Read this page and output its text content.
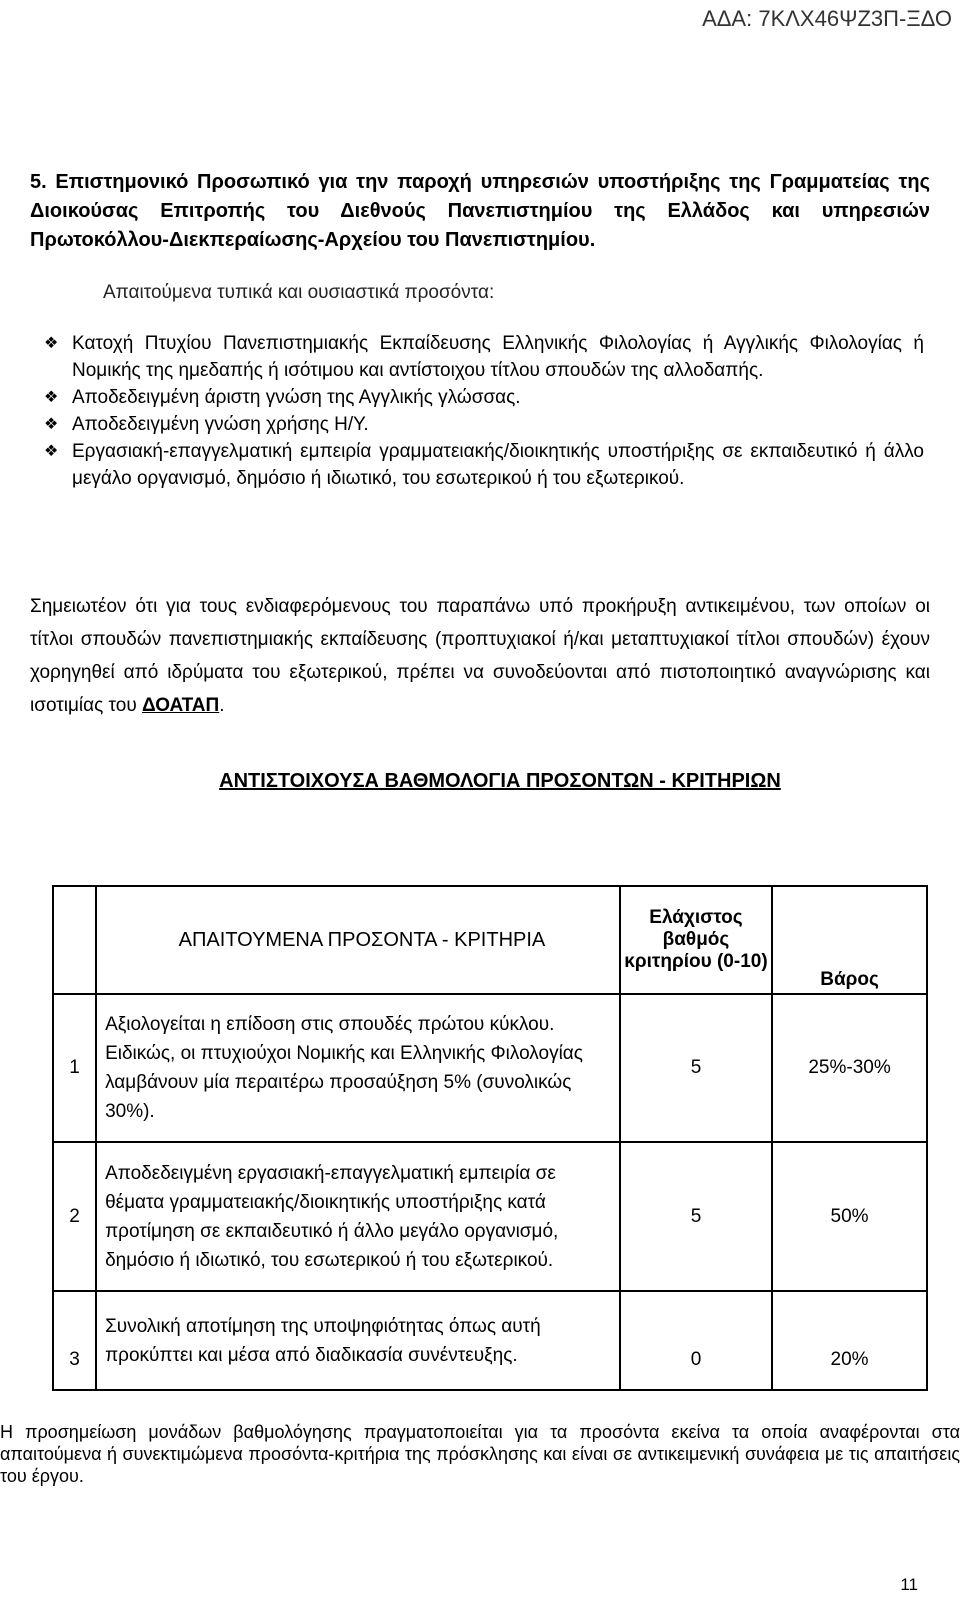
ΑΔΑ: 7ΚΛΧ46ΨΖ3Π-ΞΔΟ
5. Επιστημονικό Προσωπικό για την παροχή υπηρεσιών υποστήριξης της Γραμματείας της Διοικούσας Επιτροπής του Διεθνούς Πανεπιστημίου της Ελλάδος και υπηρεσιών Πρωτοκόλλου-Διεκπεραίωσης-Αρχείου του Πανεπιστημίου.
Απαιτούμενα τυπικά και ουσιαστικά προσόντα:
❖ Κατοχή Πτυχίου Πανεπιστημιακής Εκπαίδευσης Ελληνικής Φιλολογίας ή Αγγλικής Φιλολογίας ή Νομικής της ημεδαπής ή ισότιμου και αντίστοιχου τίτλου σπουδών της αλλοδαπής.
❖ Αποδεδειγμένη άριστη γνώση της Αγγλικής γλώσσας.
❖ Αποδεδειγμένη γνώση χρήσης Η/Υ.
❖ Εργασιακή-επαγγελματική εμπειρία γραμματειακής/διοικητικής υποστήριξης σε εκπαιδευτικό ή άλλο μεγάλο οργανισμό, δημόσιο ή ιδιωτικό, του εσωτερικού ή του εξωτερικού.
Σημειωτέον ότι για τους ενδιαφερόμενους του παραπάνω υπό προκήρυξη αντικειμένου, των οποίων οι τίτλοι σπουδών πανεπιστημιακής εκπαίδευσης (προπτυχιακοί ή/και μεταπτυχιακοί τίτλοι σπουδών) έχουν χορηγηθεί από ιδρύματα του εξωτερικού, πρέπει να συνοδεύονται από πιστοποιητικό αναγνώρισης και ισοτιμίας του ΔΟΑΤΑΠ.
ΑΝΤΙΣΤΟΙΧΟΥΣΑ ΒΑΘΜΟΛΟΓΙΑ ΠΡΟΣΟΝΤΩΝ - ΚΡΙΤΗΡΙΩΝ
	ΑΠΑΙΤΟΥΜΕΝΑ ΠΡΟΣΟΝΤΑ - ΚΡΙΤΗΡΙΑ	Ελάχιστος βαθμός κριτηρίου (0-10)	Βάρος
1	Αξιολογείται η επίδοση στις σπουδές πρώτου κύκλου.
Ειδικώς, οι πτυχιούχοι Νομικής και Ελληνικής Φιλολογίας λαμβάνουν μία περαιτέρω προσαύξηση 5% (συνολικώς 30%).	5	25%-30%
2	Αποδεδειγμένη εργασιακή-επαγγελματική εμπειρία σε θέματα γραμματειακής/διοικητικής υποστήριξης κατά προτίμηση σε εκπαιδευτικό ή άλλο μεγάλο οργανισμό, δημόσιο ή ιδιωτικό, του εσωτερικού ή του εξωτερικού.	5	50%
3	Συνολική αποτίμηση της υποψηφιότητας όπως αυτή προκύπτει και μέσα από διαδικασία συνέντευξης.	0	20%
Η προσημείωση μονάδων βαθμολόγησης πραγματοποιείται για τα προσόντα εκείνα τα οποία αναφέρονται στα απαιτούμενα ή συνεκτιμώμενα προσόντα-κριτήρια της πρόσκλησης και είναι σε αντικειμενική συνάφεια με τις απαιτήσεις του έργου.
11
